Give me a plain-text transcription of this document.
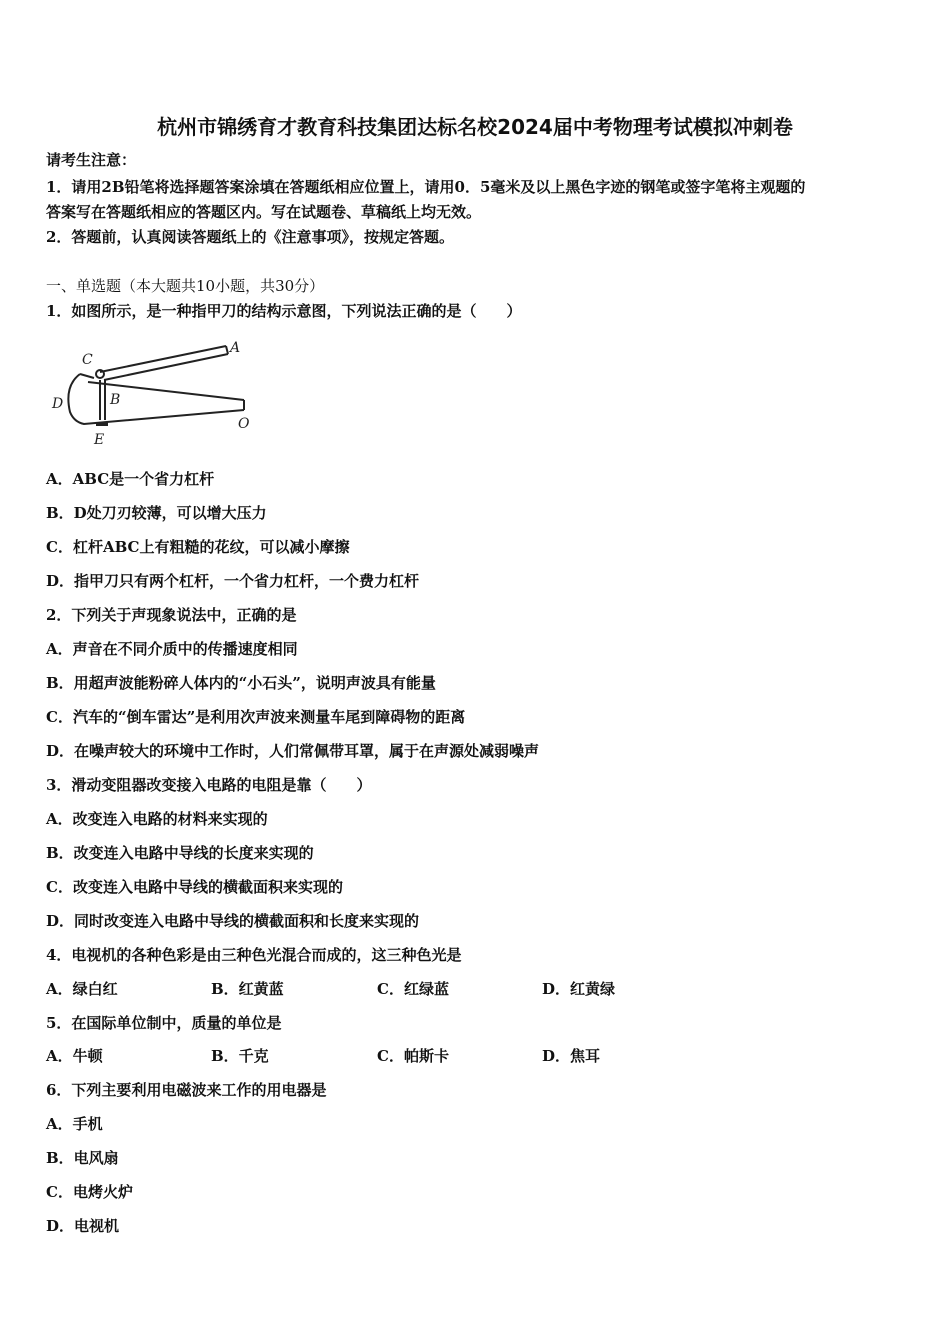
杭州市锦绣育才教育科技集团达标名校2024届中考物理考试模拟冲刺卷
请考生注意：
1．请用2B铅笔将选择题答案涂填在答题纸相应位置上，请用0．5毫米及以上黑色字迹的钢笔或签字笔将主观题的
答案写在答题纸相应的答题区内。写在试题卷、草稿纸上均无效。
2．答题前，认真阅读答题纸上的《注意事项》，按规定答题。
一、单选题（本大题共10小题，共30分）
1．如图所示，是一种指甲刀的结构示意图，下列说法正确的是（　　）
A
B
C
D
E
O
A．ABC是一个省力杠杆
B．D处刀刃较薄，可以增大压力
C．杠杆ABC上有粗糙的花纹，可以减小摩擦
D．指甲刀只有两个杠杆，一个省力杠杆，一个费力杠杆
2．下列关于声现象说法中，正确的是
A．声音在不同介质中的传播速度相同
B．用超声波能粉碎人体内的“小石头”，说明声波具有能量
C．汽车的“倒车雷达”是利用次声波来测量车尾到障碍物的距离
D．在噪声较大的环境中工作时，人们常佩带耳罩，属于在声源处减弱噪声
3．滑动变阻器改变接入电路的电阻是靠（　　）
A．改变连入电路的材料来实现的
B．改变连入电路中导线的长度来实现的
C．改变连入电路中导线的横截面积来实现的
D．同时改变连入电路中导线的横截面积和长度来实现的
4．电视机的各种色彩是由三种色光混合而成的，这三种色光是
A．绿白红	B．红黄蓝	C．红绿蓝	D．红黄绿
5．在国际单位制中，质量的单位是
A．牛顿	B．千克	C．帕斯卡	D．焦耳
6．下列主要利用电磁波来工作的用电器是
A．手机
B．电风扇
C．电烤火炉
D．电视机
